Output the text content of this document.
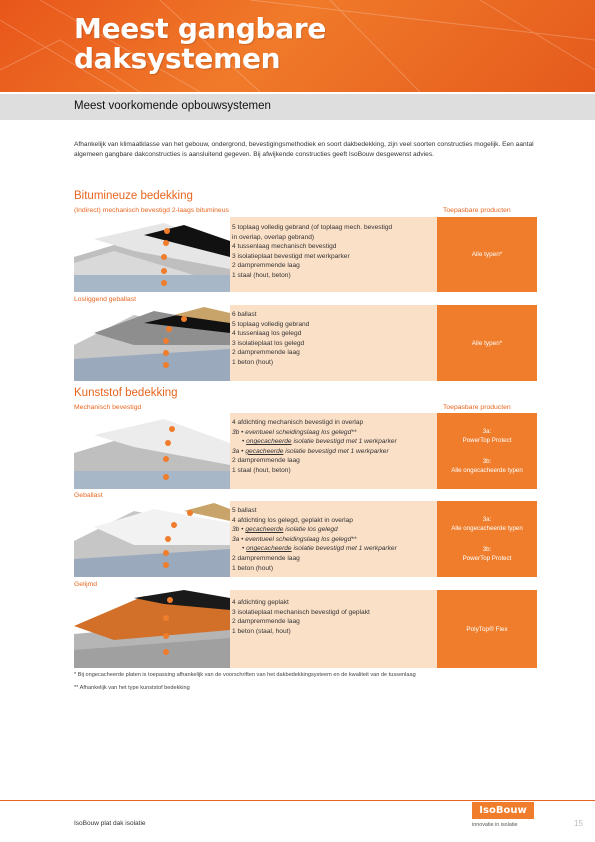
Meest gangbare
daksystemen
Meest voorkomende opbouwsystemen

Afhankelijk van klimaatklasse van het gebouw, ondergrond, bevestigingsmethodiek en soort dakbedekking, zijn veel soorten constructies mogelijk. Een aantal algemeen gangbare dakconstructies is aansluitend gegeven. Bij afwijkende constructies geeft IsoBouw desgewenst advies.

Bitumineuze bedekking
(Indirect) mechanisch bevestigd 2-laags bitumineus	Toepasbare producten
5 toplaag volledig gebrand (of toplaag mech. bevestigd
in overlap, overlap gebrand)
4 tussenlaag mechanisch bevestigd
3 isolatieplaat bevestigd met werkparker
2 dampremmende laag
1 staal (hout, beton)
Alle typen*
Losliggend geballast
6 ballast
5 toplaag volledig gebrand
4 tussenlaag los gelegd
3 isolatieplaat los gelegd
2 dampremmende laag
1 beton (hout)
Alle typen*
Kunststof bedekking
Mechanisch bevestigd	Toepasbare producten
4 afdichting mechanisch bevestigd in overlap
3b • eventueel scheidingslaag los gelegd**
• ongecacheerde isolatie bevestigd met 1 werkparker
3a • gecacheerde isolatie bevestigd met 1 werkparker
2 dampremmende laag
1 staal (hout, beton)
3a:
PowerTop Protect
3b:
Alle ongecacheerde typen
Geballast
5 ballast
4 afdichting los gelegd, geplakt in overlap
3b • gecacheerde isolatie los gelegd
3a • eventueel scheidingslaag los gelegd**
• ongecacheerde isolatie bevestigd met 1 werkparker
2 dampremmende laag
1 beton (hout)
3a:
Alle ongecacheerde typen
3b:
PowerTop Protect
Gelijmd
4 afdichting geplakt
3 isolatieplaat mechanisch bevestigd of geplakt
2 dampremmende laag
1 beton (staal, hout)	PolyTop® Flex
* Bij ongecacheerde platen is toepassing afhankelijk van de voorschriften van het dakbedekkingsysteem en de kwaliteit van de tussenlaag
** Afhankelijk van het type kunststof bedekking
IsoBouw plat dak isolatie
IsoBouw
innovatie in isolatie	15
